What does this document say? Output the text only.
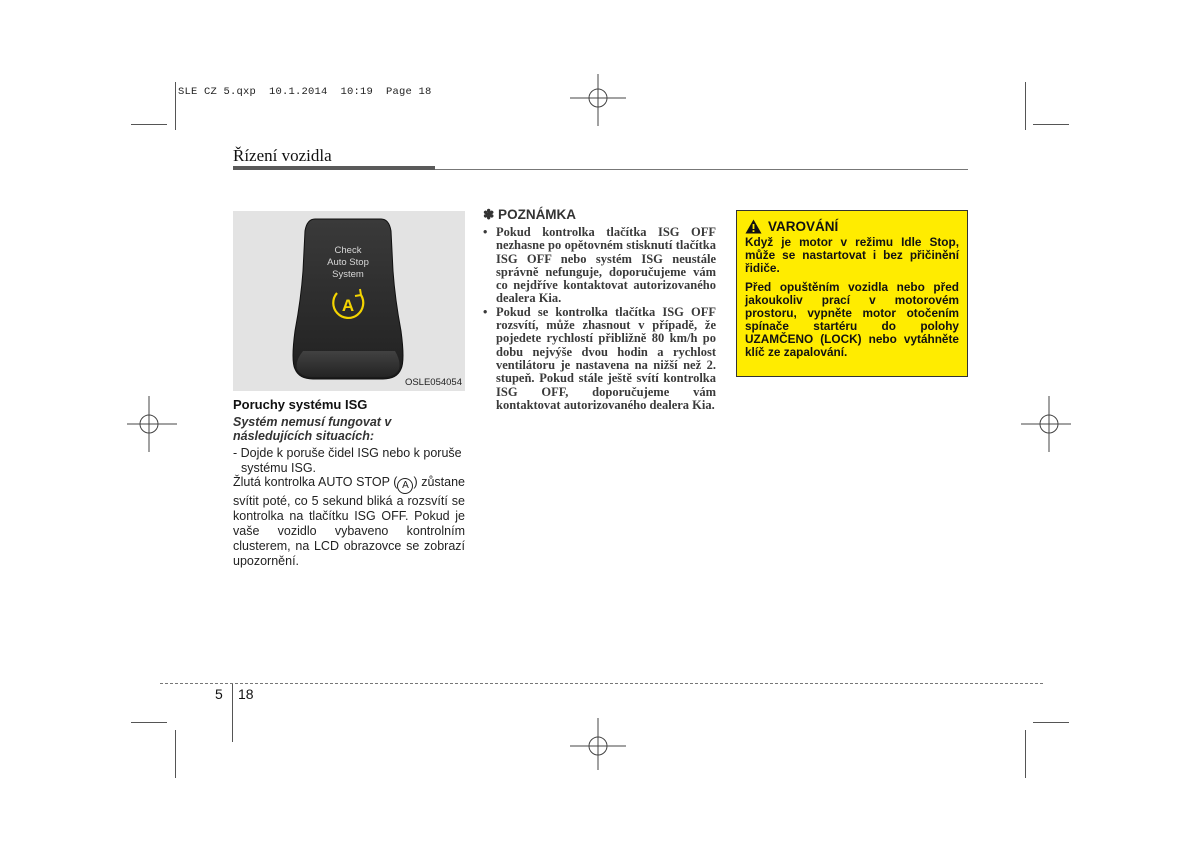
SLE CZ 5.qxp  10.1.2014  10:19  Page 18
Řízení vozidla
Check
Auto Stop
System
A
OSLE054054
Poruchy systému ISG
Systém nemusí fungovat v následujících situacích:
- Dojde k poruše čidel ISG nebo k poruše systému ISG.
Žlutá kontrolka AUTO STOP ( A ) zůstane svítit poté, co 5 sekund bliká a rozsvítí se kontrolka na tlačítku ISG OFF. Pokud je vaše vozidlo vybaveno kontrolním clusterem, na LCD obrazovce se zobrazí upozornění.
✽ POZNÁMKA
• Pokud kontrolka tlačítka ISG OFF nezhasne po opětovném stisknutí tlačítka ISG OFF nebo systém ISG neustále správně nefunguje, doporučujeme vám co nejdříve kontaktovat autorizovaného dealera Kia.
• Pokud se kontrolka tlačítka ISG OFF rozsvítí, může zhasnout v případě, že pojedete rychlostí přibližně 80 km/h po dobu nejvýše dvou hodin a rychlost ventilátoru je nastavena na nižší než 2. stupeň. Pokud stále ještě svítí kontrolka ISG OFF, doporučujeme vám kontaktovat autorizovaného dealera Kia.
VAROVÁNÍ

Když je motor v režimu Idle Stop, může se nastartovat i bez přičinění řidiče.

Před opuštěním vozidla nebo před jakoukoliv prací v motorovém prostoru, vypněte motor otočením spínače startéru do polohy UZAMČENO (LOCK) nebo vytáhněte klíč ze zapalování.

5 18
